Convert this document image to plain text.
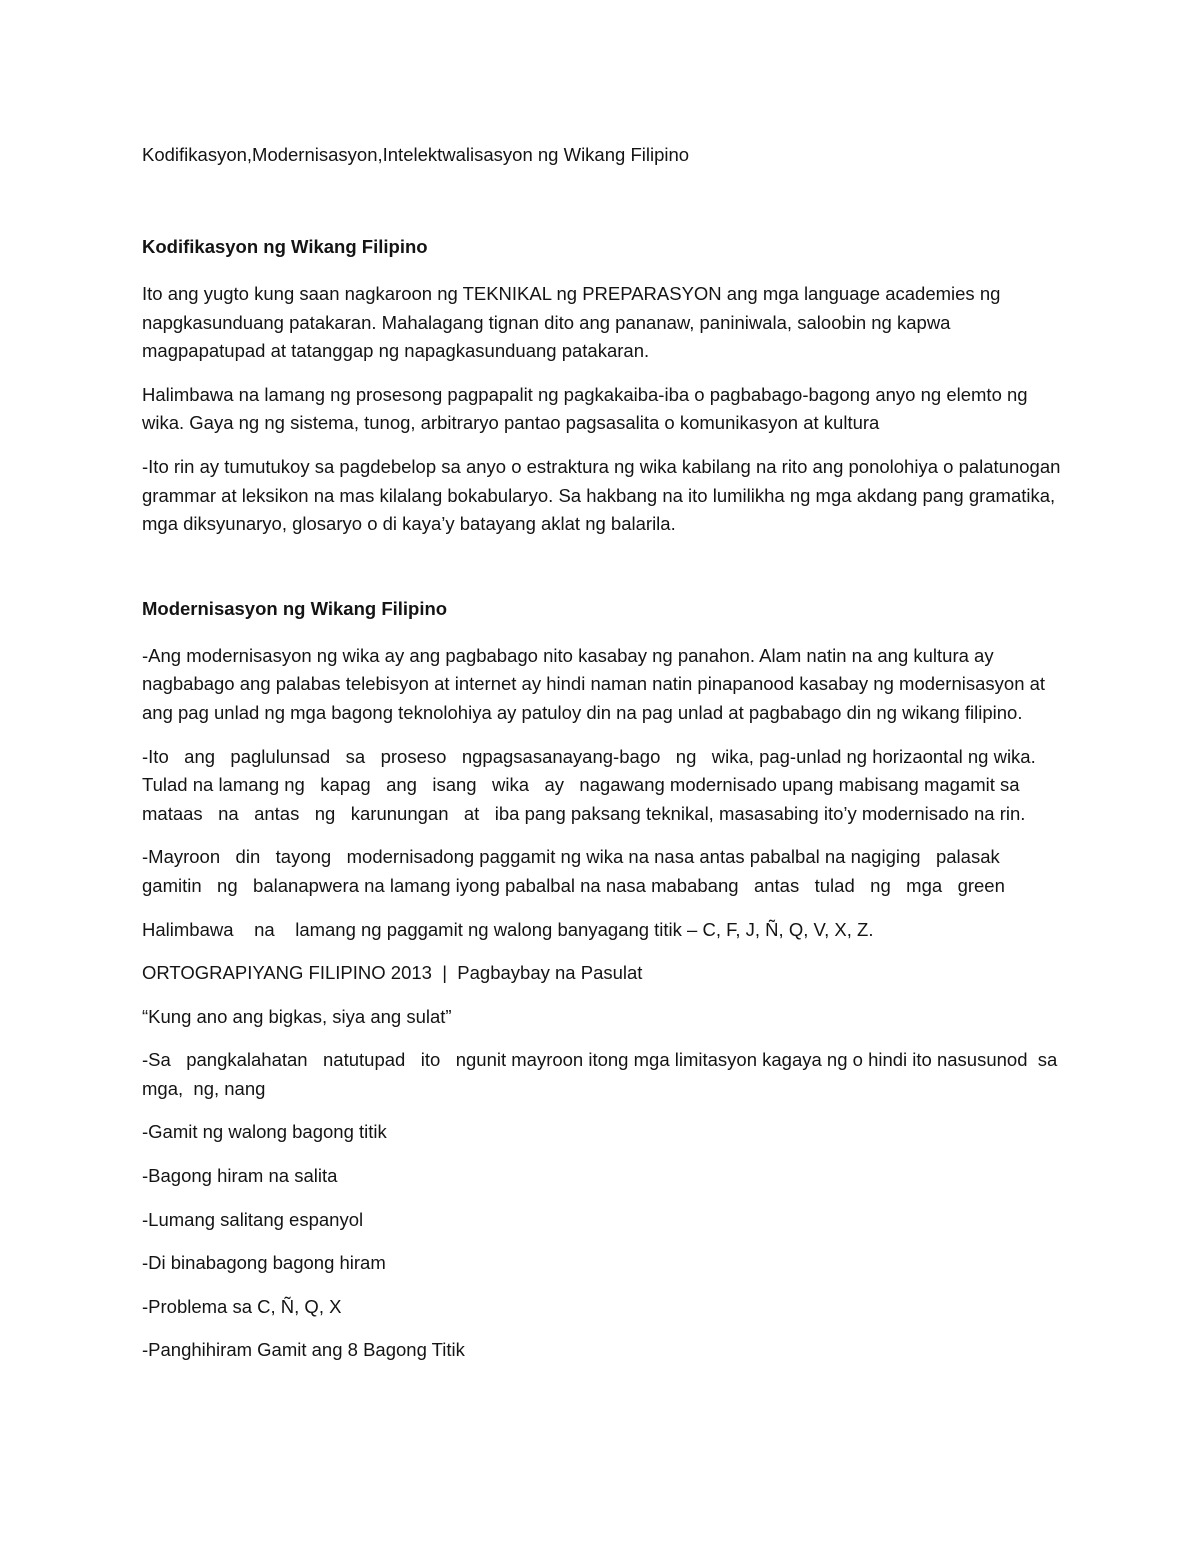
Kodifikasyon,Modernisasyon,Intelektwalisasyon ng Wikang Filipino

Kodifikasyon ng Wikang Filipino

Ito ang yugto kung saan nagkaroon ng TEKNIKAL ng PREPARASYON ang mga language academies ng napgkasunduang patakaran. Mahalagang tignan dito ang pananaw, paniniwala, saloobin ng kapwa magpapatupad at tatanggap ng napagkasunduang patakaran.

Halimbawa na lamang ng prosesong pagpapalit ng pagkakaiba-iba o pagbabago-bagong anyo ng elemto ng wika. Gaya ng ng sistema, tunog, arbitraryo pantao pagsasalita o komunikasyon at kultura

-Ito rin ay tumutukoy sa pagdebelop sa anyo o estraktura ng wika kabilang na rito ang ponolohiya o palatunogan grammar at leksikon na mas kilalang bokabularyo. Sa hakbang na ito lumilikha ng mga akdang pang gramatika, mga diksyunaryo, glosaryo o di kaya’y batayang aklat ng balarila.

Modernisasyon ng Wikang Filipino

-Ang modernisasyon ng wika ay ang pagbabago nito kasabay ng panahon. Alam natin na ang kultura ay nagbabago ang palabas telebisyon at internet ay hindi naman natin pinapanood kasabay ng modernisasyon at ang pag unlad ng mga bagong teknolohiya ay patuloy din na pag unlad at pagbabago din ng wikang filipino.

-Ito   ang   paglulunsad   sa   proseso   ngpagsasanayang-bago   ng   wika, pag-unlad ng horizaontal ng wika. Tulad na lamang ng   kapag   ang   isang   wika   ay   nagawang modernisado upang mabisang magamit sa mataas   na   antas   ng   karunungan   at   iba pang paksang teknikal, masasabing ito’y modernisado na rin.

-Mayroon   din   tayong   modernisadong paggamit ng wika na nasa antas pabalbal na nagiging   palasak gamitin   ng   balanapwera na lamang iyong pabalbal na nasa mababang   antas   tulad   ng   mga   green

Halimbawa    na    lamang ng paggamit ng walong banyagang titik – C, F, J, Ñ, Q, V, X, Z.

ORTOGRAPIYANG FILIPINO 2013  |  Pagbaybay na Pasulat

“Kung ano ang bigkas, siya ang sulat”

-Sa   pangkalahatan   natutupad   ito   ngunit mayroon itong mga limitasyon kagaya ng o hindi ito nasusunod  sa  mga,  ng, nang

-Gamit ng walong bagong titik

-Bagong hiram na salita

-Lumang salitang espanyol

-Di binabagong bagong hiram

-Problema sa C, Ñ, Q, X

-Panghihiram Gamit ang 8 Bagong Titik
